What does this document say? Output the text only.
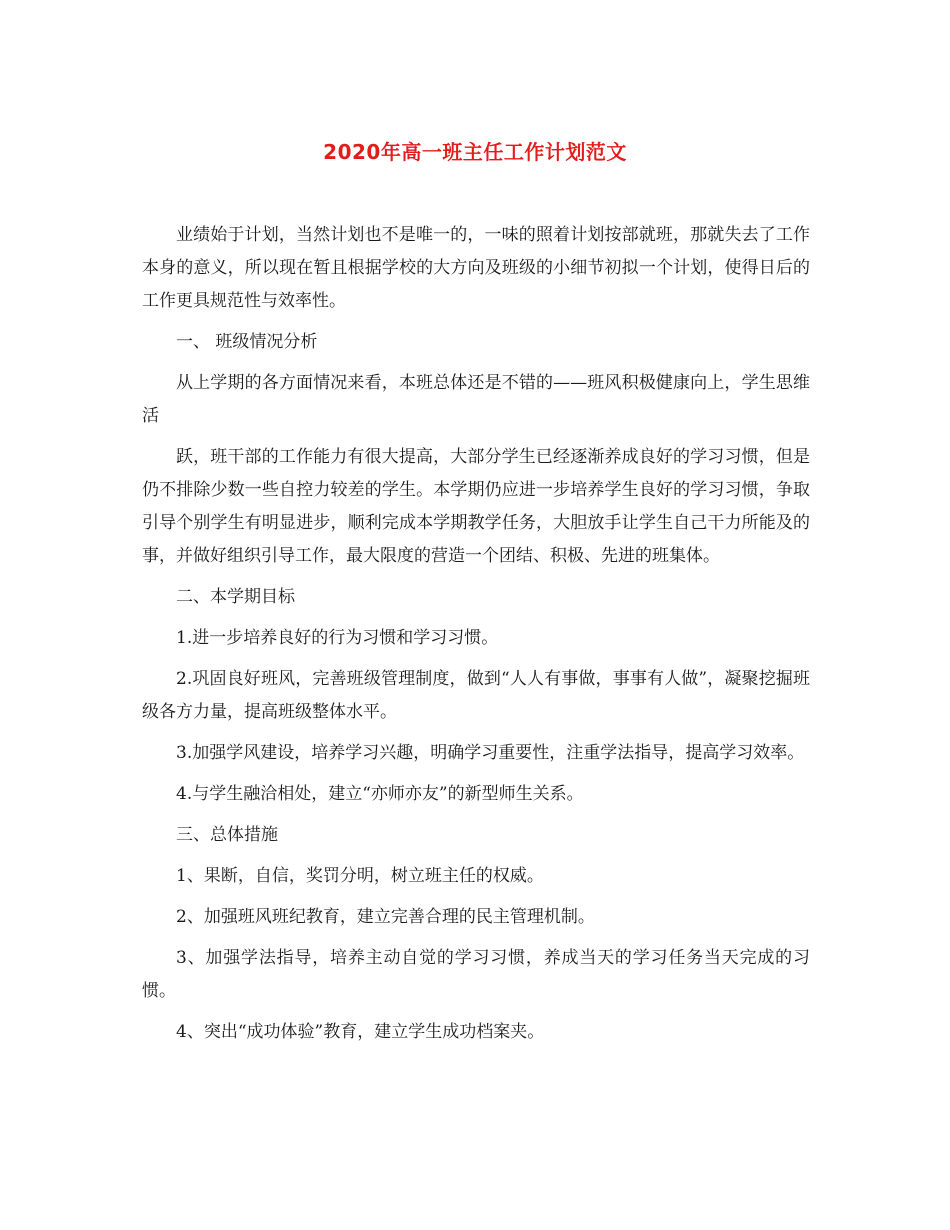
2020年高一班主任工作计划范文

业绩始于计划，当然计划也不是唯一的，一味的照着计划按部就班，那就失去了工作本身的意义，所以现在暂且根据学校的大方向及班级的小细节初拟一个计划，使得日后的工作更具规范性与效率性。

一、 班级情况分析

从上学期的各方面情况来看，本班总体还是不错的——班风积极健康向上，学生思维活

跃，班干部的工作能力有很大提高，大部分学生已经逐渐养成良好的学习习惯，但是仍不排除少数一些自控力较差的学生。本学期仍应进一步培养学生良好的学习习惯，争取引导个别学生有明显进步，顺利完成本学期教学任务，大胆放手让学生自己干力所能及的事，并做好组织引导工作，最大限度的营造一个团结、积极、先进的班集体。

二、本学期目标

1.进一步培养良好的行为习惯和学习习惯。

2.巩固良好班风，完善班级管理制度，做到“人人有事做，事事有人做”，凝聚挖掘班级各方力量，提高班级整体水平。

3.加强学风建设，培养学习兴趣，明确学习重要性，注重学法指导，提高学习效率。

4.与学生融洽相处，建立“亦师亦友”的新型师生关系。

三、总体措施

1、果断，自信，奖罚分明，树立班主任的权威。

2、加强班风班纪教育，建立完善合理的民主管理机制。

3、加强学法指导，培养主动自觉的学习习惯，养成当天的学习任务当天完成的习惯。

4、突出“成功体验”教育，建立学生成功档案夹。
